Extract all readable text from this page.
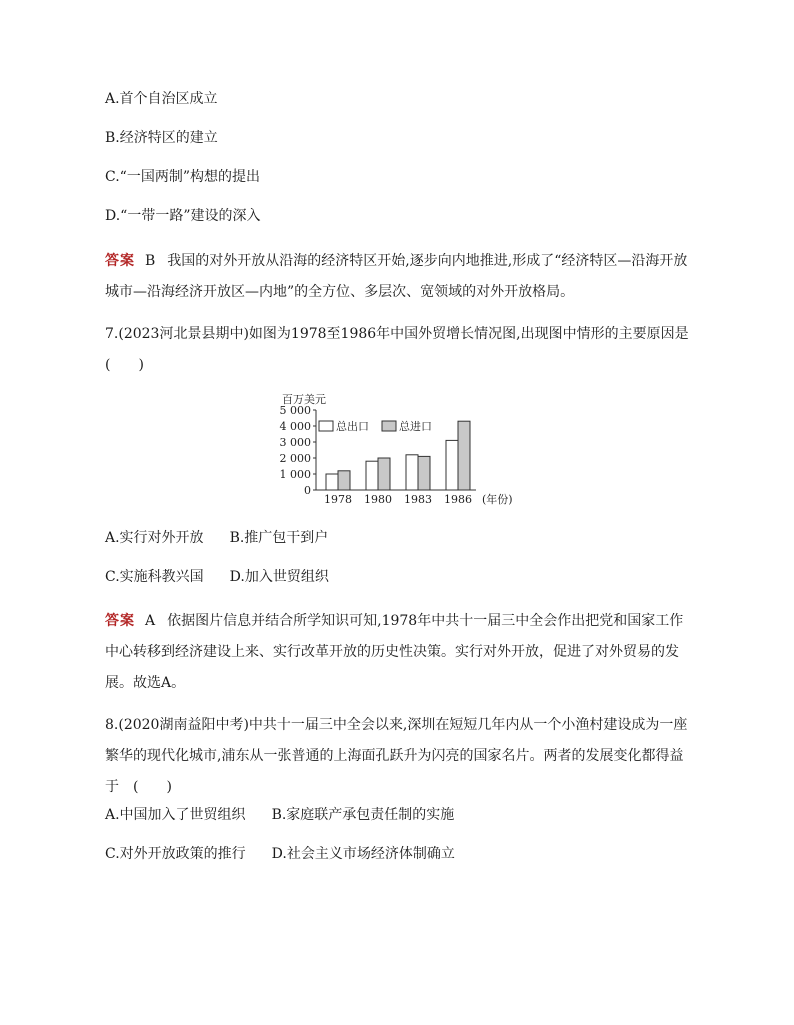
A.首个自治区成立
B.经济特区的建立
C.“一国两制”构想的提出
D.“一带一路”建设的深入
答案 B 我国的对外开放从沿海的经济特区开始,逐步向内地推进,形成了“经济特区—沿海开放城市—沿海经济开放区—内地”的全方位、多层次、宽领域的对外开放格局。
7.(2023河北景县期中)如图为1978至1986年中国外贸增长情况图,出现图中情形的主要原因是(　　)
百万美元
0
1 000
2 000
3 000
4 000
5 000
1978 1980 1983 1986
总出口	总进口
(年份)
A.实行对外开放 B.推广包干到户
C.实施科教兴国 D.加入世贸组织
答案 A 依据图片信息并结合所学知识可知,1978年中共十一届三中全会作出把党和国家工作中心转移到经济建设上来、实行改革开放的历史性决策。实行对外开放，促进了对外贸易的发展。故选A。
8.(2020湖南益阳中考)中共十一届三中全会以来,深圳在短短几年内从一个小渔村建设成为一座繁华的现代化城市,浦东从一张普通的上海面孔跃升为闪亮的国家名片。两者的发展变化都得益于　(　　)
A.中国加入了世贸组织 B.家庭联产承包责任制的实施
C.对外开放政策的推行 D.社会主义市场经济体制确立
